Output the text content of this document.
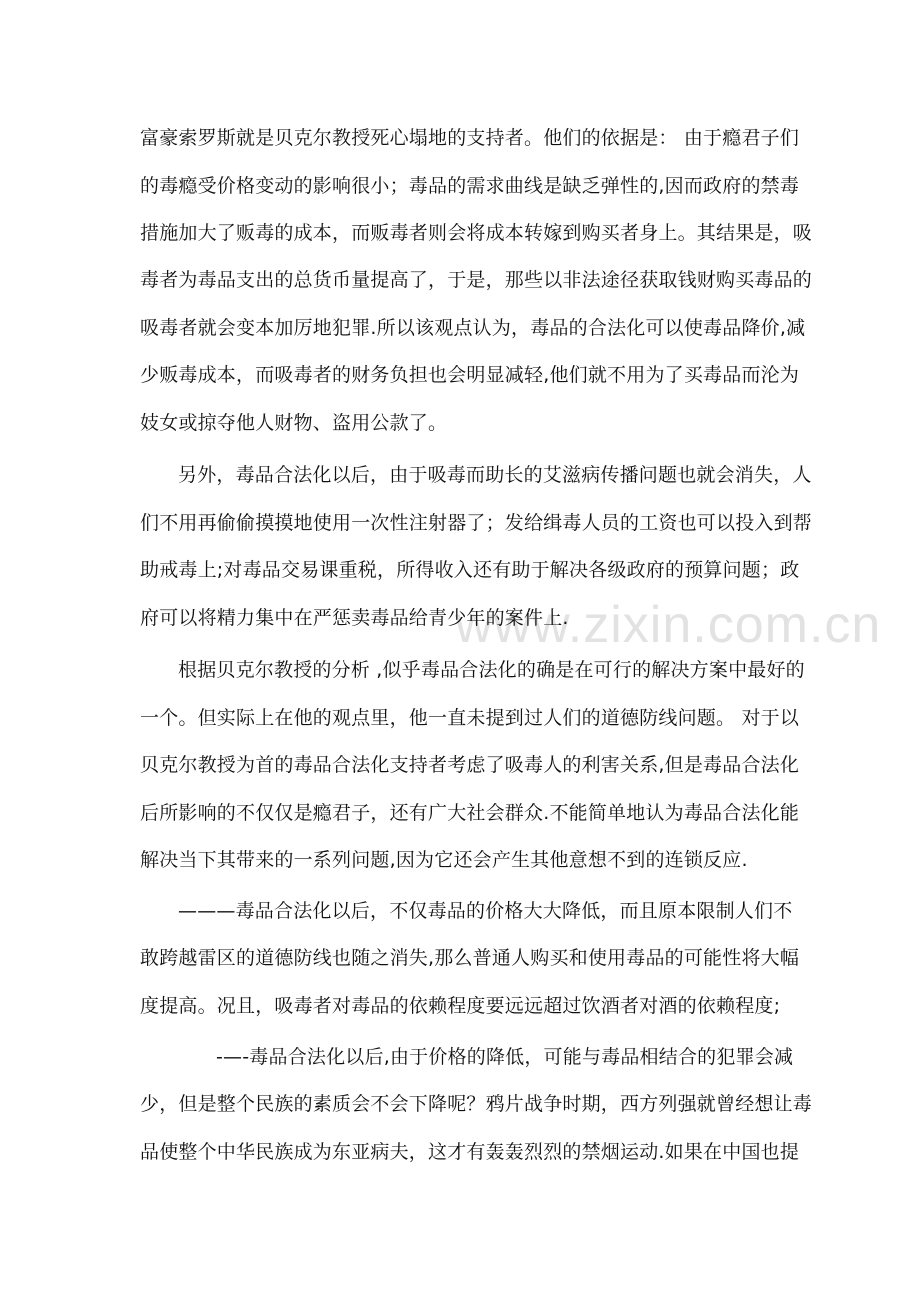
www.zixin.com.cn
富豪索罗斯就是贝克尔教授死心塌地的支持者。他们的依据是： 由于瘾君子们
的毒瘾受价格变动的影响很小；毒品的需求曲线是缺乏弹性的,因而政府的禁毒
措施加大了贩毒的成本，而贩毒者则会将成本转嫁到购买者身上。其结果是，吸
毒者为毒品支出的总货币量提高了，于是，那些以非法途径获取钱财购买毒品的
吸毒者就会变本加厉地犯罪.所以该观点认为，毒品的合法化可以使毒品降价,减
少贩毒成本，而吸毒者的财务负担也会明显减轻,他们就不用为了买毒品而沦为
妓女或掠夺他人财物、盗用公款了。
另外，毒品合法化以后，由于吸毒而助长的艾滋病传播问题也就会消失，人
们不用再偷偷摸摸地使用一次性注射器了；发给缉毒人员的工资也可以投入到帮
助戒毒上;对毒品交易课重税，所得收入还有助于解决各级政府的预算问题；政
府可以将精力集中在严惩卖毒品给青少年的案件上.
根据贝克尔教授的分析 ,似乎毒品合法化的确是在可行的解决方案中最好的
一个。但实际上在他的观点里，他一直未提到过人们的道德防线问题。 对于以
贝克尔教授为首的毒品合法化支持者考虑了吸毒人的利害关系,但是毒品合法化
后所影响的不仅仅是瘾君子，还有广大社会群众.不能简单地认为毒品合法化能
解决当下其带来的一系列问题,因为它还会产生其他意想不到的连锁反应.
———毒品合法化以后，不仅毒品的价格大大降低，而且原本限制人们不
敢跨越雷区的道德防线也随之消失,那么普通人购买和使用毒品的可能性将大幅
度提高。况且，吸毒者对毒品的依赖程度要远远超过饮酒者对酒的依赖程度;
-—-毒品合法化以后,由于价格的降低，可能与毒品相结合的犯罪会减
少，但是整个民族的素质会不会下降呢？鸦片战争时期，西方列强就曾经想让毒
品使整个中华民族成为东亚病夫，这才有轰轰烈烈的禁烟运动.如果在中国也提
